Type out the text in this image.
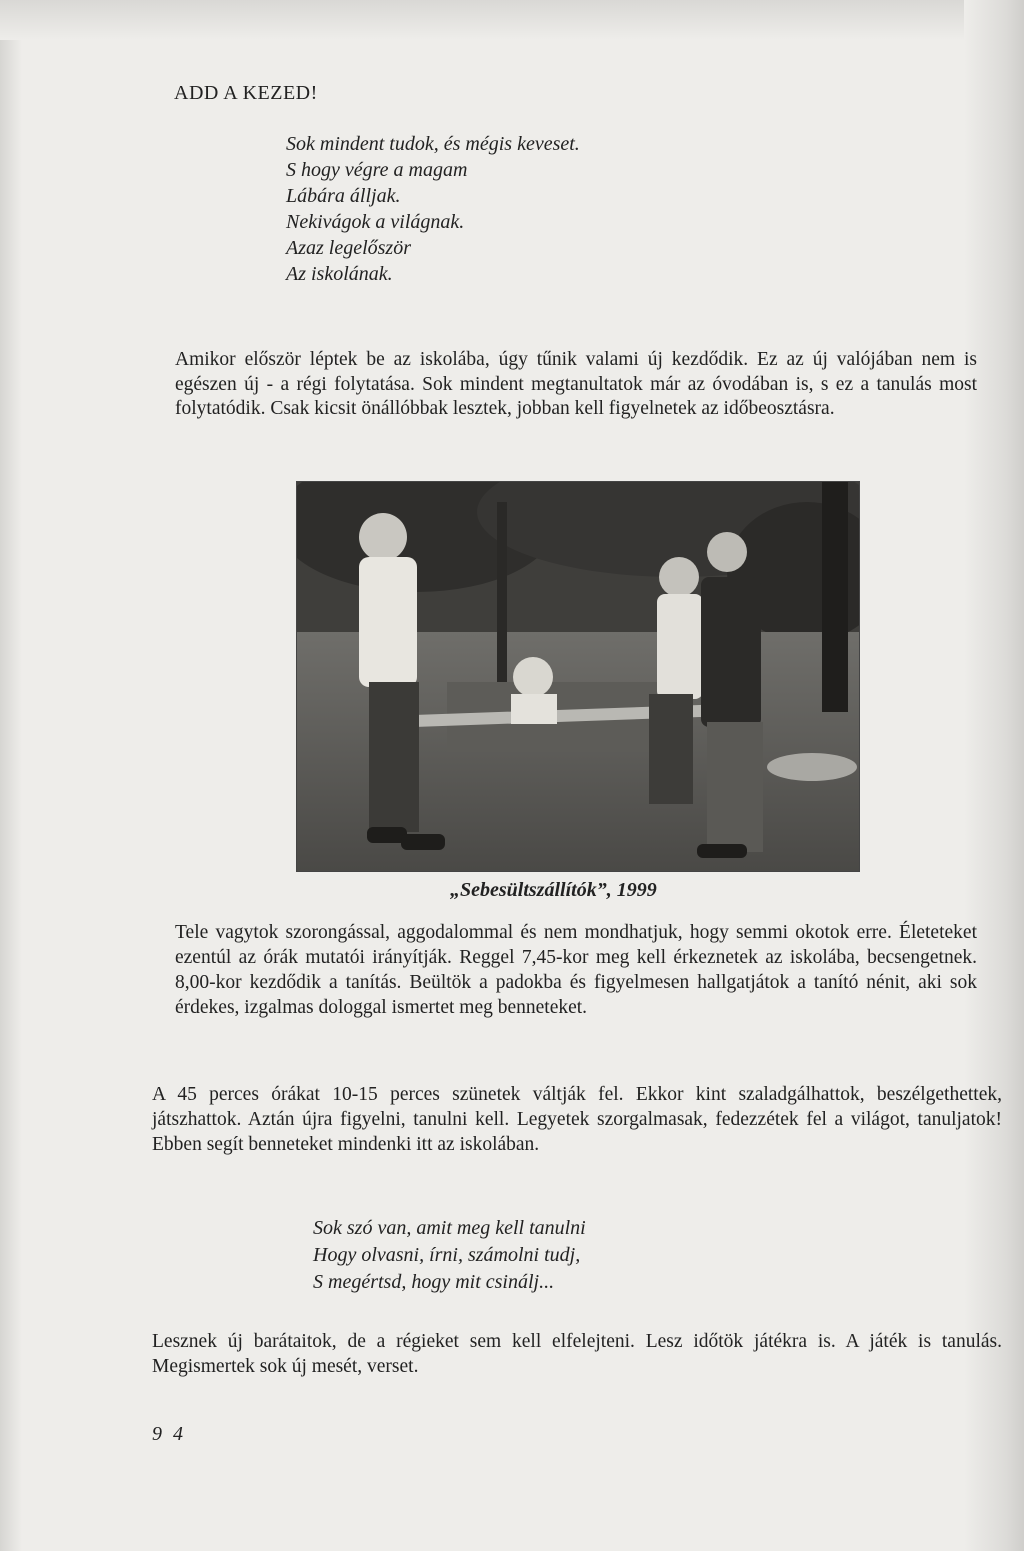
ADD A KEZED!
Sok mindent tudok, és mégis keveset.
S hogy végre a magam
Lábára álljak.
Nekivágok a világnak.
Azaz legelőször
Az iskolának.

Amikor először léptek be az iskolába, úgy tűnik valami új kezdődik. Ez az új valójában nem is egészen új - a régi folytatása. Sok mindent megtanultatok már az óvodában is, s ez a tanulás most folytatódik. Csak kicsit önállóbbak lesztek, jobban kell figyelnetek az időbeosztásra.

„Sebesültszállítók”, 1999

Tele vagytok szorongással, aggodalommal és nem mondhatjuk, hogy semmi okotok erre. Életeteket ezentúl az órák mutatói irányítják. Reggel 7,45-kor meg kell érkeznetek az iskolába, becsengetnek. 8,00-kor kezdődik a tanítás. Beültök a padokba és figyelmesen hallgatjátok a tanító nénit, aki sok érdekes, izgalmas dologgal ismertet meg benneteket.

A 45 perces órákat 10-15 perces szünetek váltják fel. Ekkor kint szaladgálhattok, beszélgethettek, játszhattok. Aztán újra figyelni, tanulni kell. Legyetek szorgalmasak, fedezzétek fel a világot, tanuljatok! Ebben segít benneteket mindenki itt az iskolában.

Sok szó van, amit meg kell tanulni
Hogy olvasni, írni, számolni tudj,
S megértsd, hogy mit csinálj...

Lesznek új barátaitok, de a régieket sem kell elfelejteni. Lesz időtök játékra is. A játék is tanulás. Megismertek sok új mesét, verset.

9 4
